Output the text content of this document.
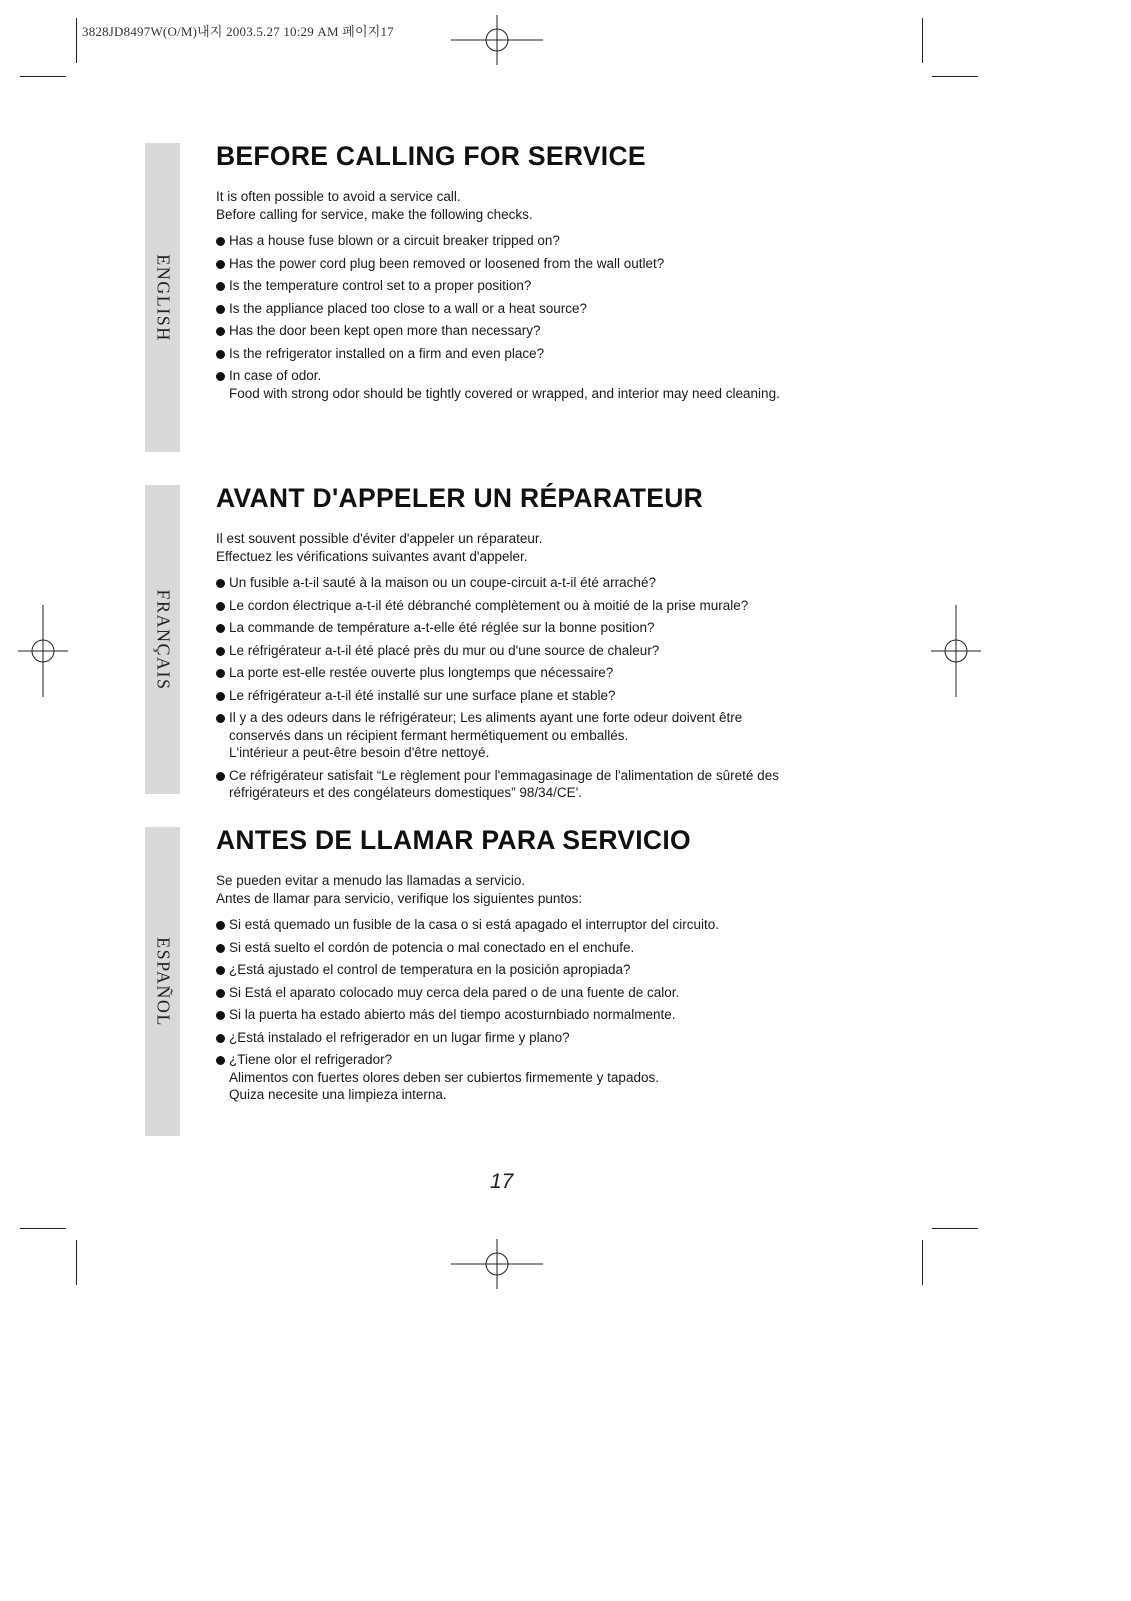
3828JD8497W(O/M)내지 2003.5.27 10:29 AM 페이지17
ENGLISH
FRANÇAIS
ESPAÑOL
BEFORE CALLING FOR SERVICE

It is often possible to avoid a service call.

Before calling for service, make the following checks.

Has a house fuse blown or a circuit breaker tripped on?
Has the power cord plug been removed or loosened from the wall outlet?
Is the temperature control set to a proper position?
Is the appliance placed too close to a wall or a heat source?
Has the door been kept open more than necessary?
Is the refrigerator installed on a firm and even place?
In case of odor.
Food with strong odor should be tightly covered or wrapped, and interior may need cleaning.
AVANT D'APPELER UN RÉPARATEUR

Il est souvent possible d'éviter d'appeler un réparateur.

Effectuez les vérifications suivantes avant d'appeler.

Un fusible a-t-il sauté à la maison ou un coupe-circuit a-t-il été arraché?
Le cordon électrique a-t-il été débranché complètement ou à moitié de la prise murale?
La commande de température a-t-elle été réglée sur la bonne position?
Le réfrigérateur a-t-il été placé près du mur ou d'une source de chaleur?
La porte est-elle restée ouverte plus longtemps que nécessaire?
Le réfrigérateur a-t-il été installé sur une surface plane et stable?
Il y a des odeurs dans le réfrigérateur; Les aliments ayant une forte odeur doivent être
conservés dans un récipient fermant hermétiquement ou emballés.
L'intérieur a peut-être besoin d'être nettoyé.
Ce réfrigérateur satisfait “Le règlement pour l'emmagasinage de l'alimentation de sûreté des
réfrigérateurs et des congélateurs domestiques” 98/34/CE'.
ANTES DE LLAMAR PARA SERVICIO

Se pueden evitar a menudo las llamadas a servicio.

Antes de llamar para servicio, verifique los siguientes puntos:

Si está quemado un fusible de la casa o si está apagado el interruptor del circuito.
Si está suelto el cordón de potencia o mal conectado en el enchufe.
¿Está ajustado el control de temperatura en la posición apropiada?
Si Está el aparato colocado muy cerca dela pared o de una fuente de calor.
Si la puerta ha estado abierto más del tiempo acosturnbiado normalmente.
¿Está instalado el refrigerador en un lugar firme y plano?
¿Tiene olor el refrigerador?
Alimentos con fuertes olores deben ser cubiertos firmemente y tapados.
Quiza necesite una limpieza interna.
17
